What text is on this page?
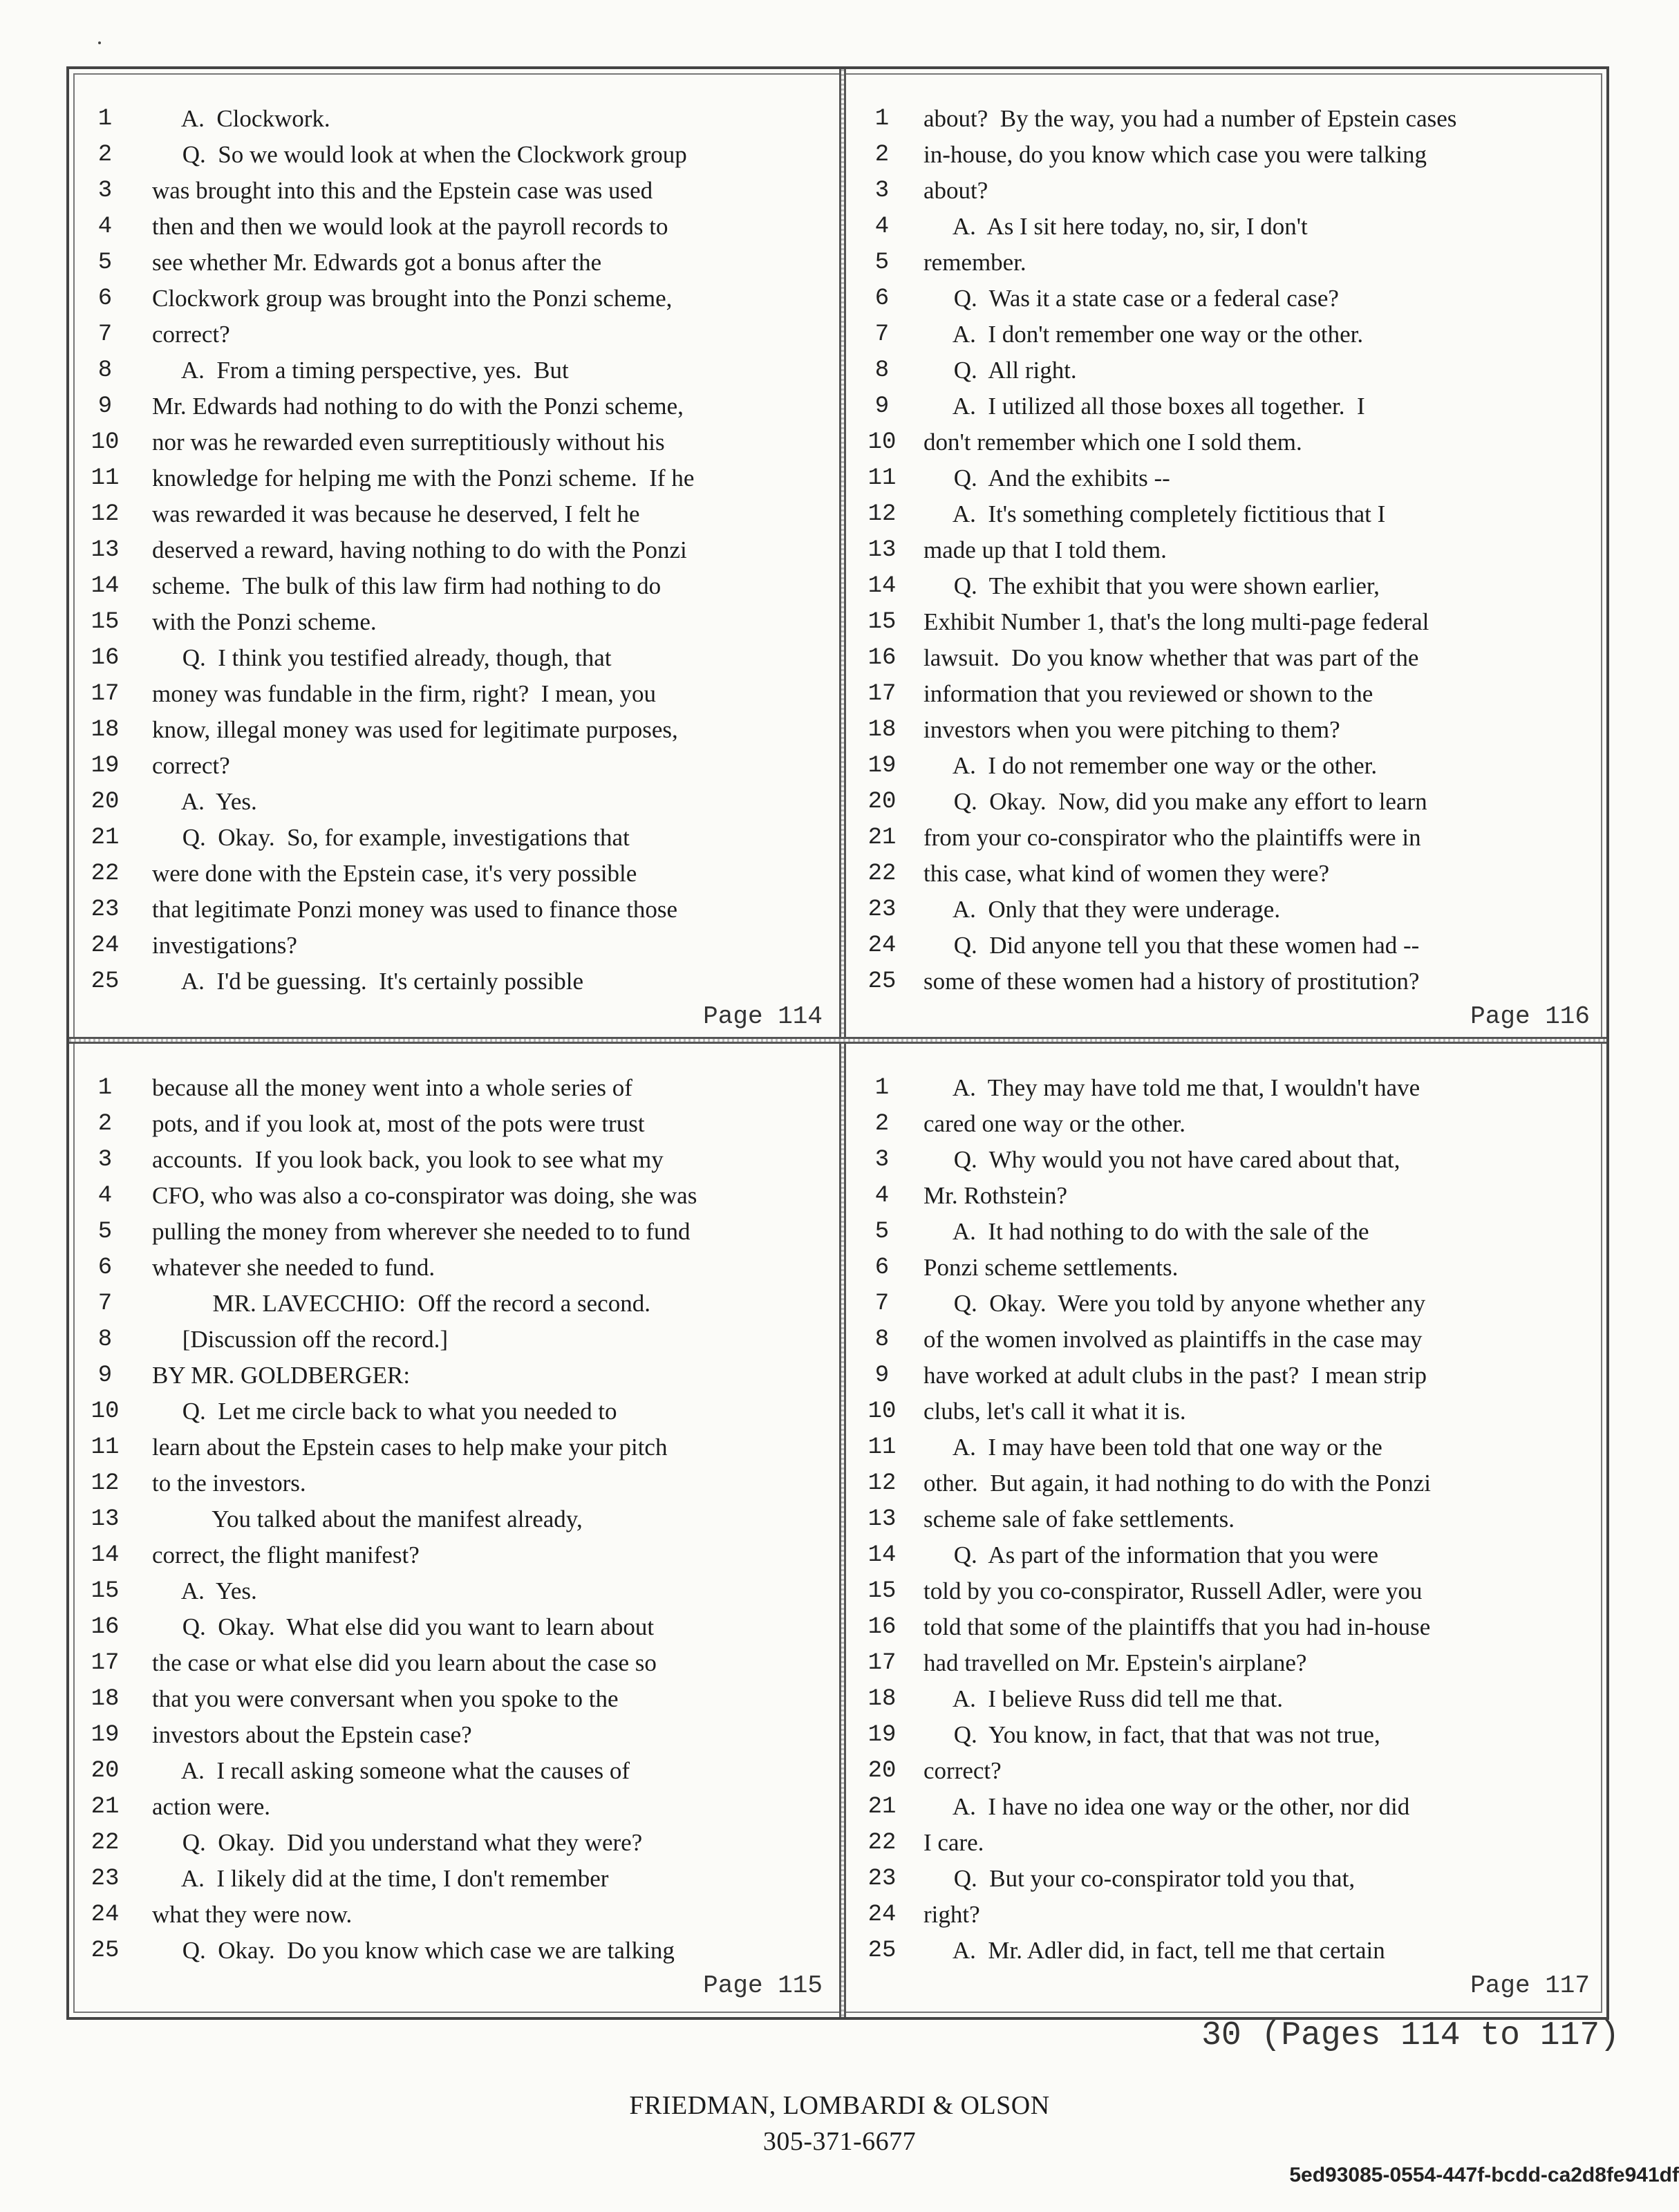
1	A.  Clockwork.
2	Q.  So we would look at when the Clockwork group
3	was brought into this and the Epstein case was used
4	then and then we would look at the payroll records to
5	see whether Mr. Edwards got a bonus after the
6	Clockwork group was brought into the Ponzi scheme,
7	correct?
8	A.  From a timing perspective, yes.  But
9	Mr. Edwards had nothing to do with the Ponzi scheme,
10 nor was he rewarded even surreptitiously without his
11 knowledge for helping me with the Ponzi scheme.  If he
12 was rewarded it was because he deserved, I felt he
13 deserved a reward, having nothing to do with the Ponzi
14 scheme.  The bulk of this law firm had nothing to do
15 with the Ponzi scheme.
16 Q.  I think you testified already, though, that
17 money was fundable in the firm, right?  I mean, you
18 know, illegal money was used for legitimate purposes,
19 correct?
20 A.  Yes.
21 Q.  Okay.  So, for example, investigations that
22 were done with the Epstein case, it's very possible
23 that legitimate Ponzi money was used to finance those
24 investigations?
25 A.  I'd be guessing.  It's certainly possible
Page 114
1	about?  By the way, you had a number of Epstein cases
2	in-house, do you know which case you were talking
3	about?
4	A.  As I sit here today, no, sir, I don't
5	remember.
6	Q.  Was it a state case or a federal case?
7	A.  I don't remember one way or the other.
8	Q.  All right.
9	A.  I utilized all those boxes all together.  I
10 don't remember which one I sold them.
11 Q.  And the exhibits --
12 A.  It's something completely fictitious that I
13 made up that I told them.
14 Q.  The exhibit that you were shown earlier,
15 Exhibit Number 1, that's the long multi-page federal
16 lawsuit.  Do you know whether that was part of the
17 information that you reviewed or shown to the
18 investors when you were pitching to them?
19 A.  I do not remember one way or the other.
20 Q.  Okay.  Now, did you make any effort to learn
21 from your co-conspirator who the plaintiffs were in
22 this case, what kind of women they were?
23 A.  Only that they were underage.
24 Q.  Did anyone tell you that these women had --
25 some of these women had a history of prostitution?
Page 116
1	because all the money went into a whole series of
2	pots, and if you look at, most of the pots were trust
3	accounts.  If you look back, you look to see what my
4	CFO, who was also a co-conspirator was doing, she was
5	pulling the money from wherever she needed to to fund
6	whatever she needed to fund.
7	MR. LAVECCHIO:  Off the record a second.
8	[Discussion off the record.]
9	BY MR. GOLDBERGER:
10 Q.  Let me circle back to what you needed to
11 learn about the Epstein cases to help make your pitch
12 to the investors.
13 You talked about the manifest already,
14 correct, the flight manifest?
15 A.  Yes.
16 Q.  Okay.  What else did you want to learn about
17 the case or what else did you learn about the case so
18 that you were conversant when you spoke to the
19 investors about the Epstein case?
20 A.  I recall asking someone what the causes of
21 action were.
22 Q.  Okay.  Did you understand what they were?
23 A.  I likely did at the time, I don't remember
24 what they were now.
25 Q.  Okay.  Do you know which case we are talking
Page 115
1	A.  They may have told me that, I wouldn't have
2	cared one way or the other.
3	Q.  Why would you not have cared about that,
4	Mr. Rothstein?
5	A.  It had nothing to do with the sale of the
6	Ponzi scheme settlements.
7	Q.  Okay.  Were you told by anyone whether any
8	of the women involved as plaintiffs in the case may
9	have worked at adult clubs in the past?  I mean strip
10 clubs, let's call it what it is.
11 A.  I may have been told that one way or the
12 other.  But again, it had nothing to do with the Ponzi
13 scheme sale of fake settlements.
14 Q.  As part of the information that you were
15 told by you co-conspirator, Russell Adler, were you
16 told that some of the plaintiffs that you had in-house
17 had travelled on Mr. Epstein's airplane?
18 A.  I believe Russ did tell me that.
19 Q.  You know, in fact, that that was not true,
20 correct?
21 A.  I have no idea one way or the other, nor did
22 I care.
23 Q.  But your co-conspirator told you that,
24 right?
25 A.  Mr. Adler did, in fact, tell me that certain
Page 117
30 (Pages 114 to 117)
FRIEDMAN, LOMBARDI & OLSON
305-371-6677
5ed93085-0554-447f-bcdd-ca2d8fe941df
